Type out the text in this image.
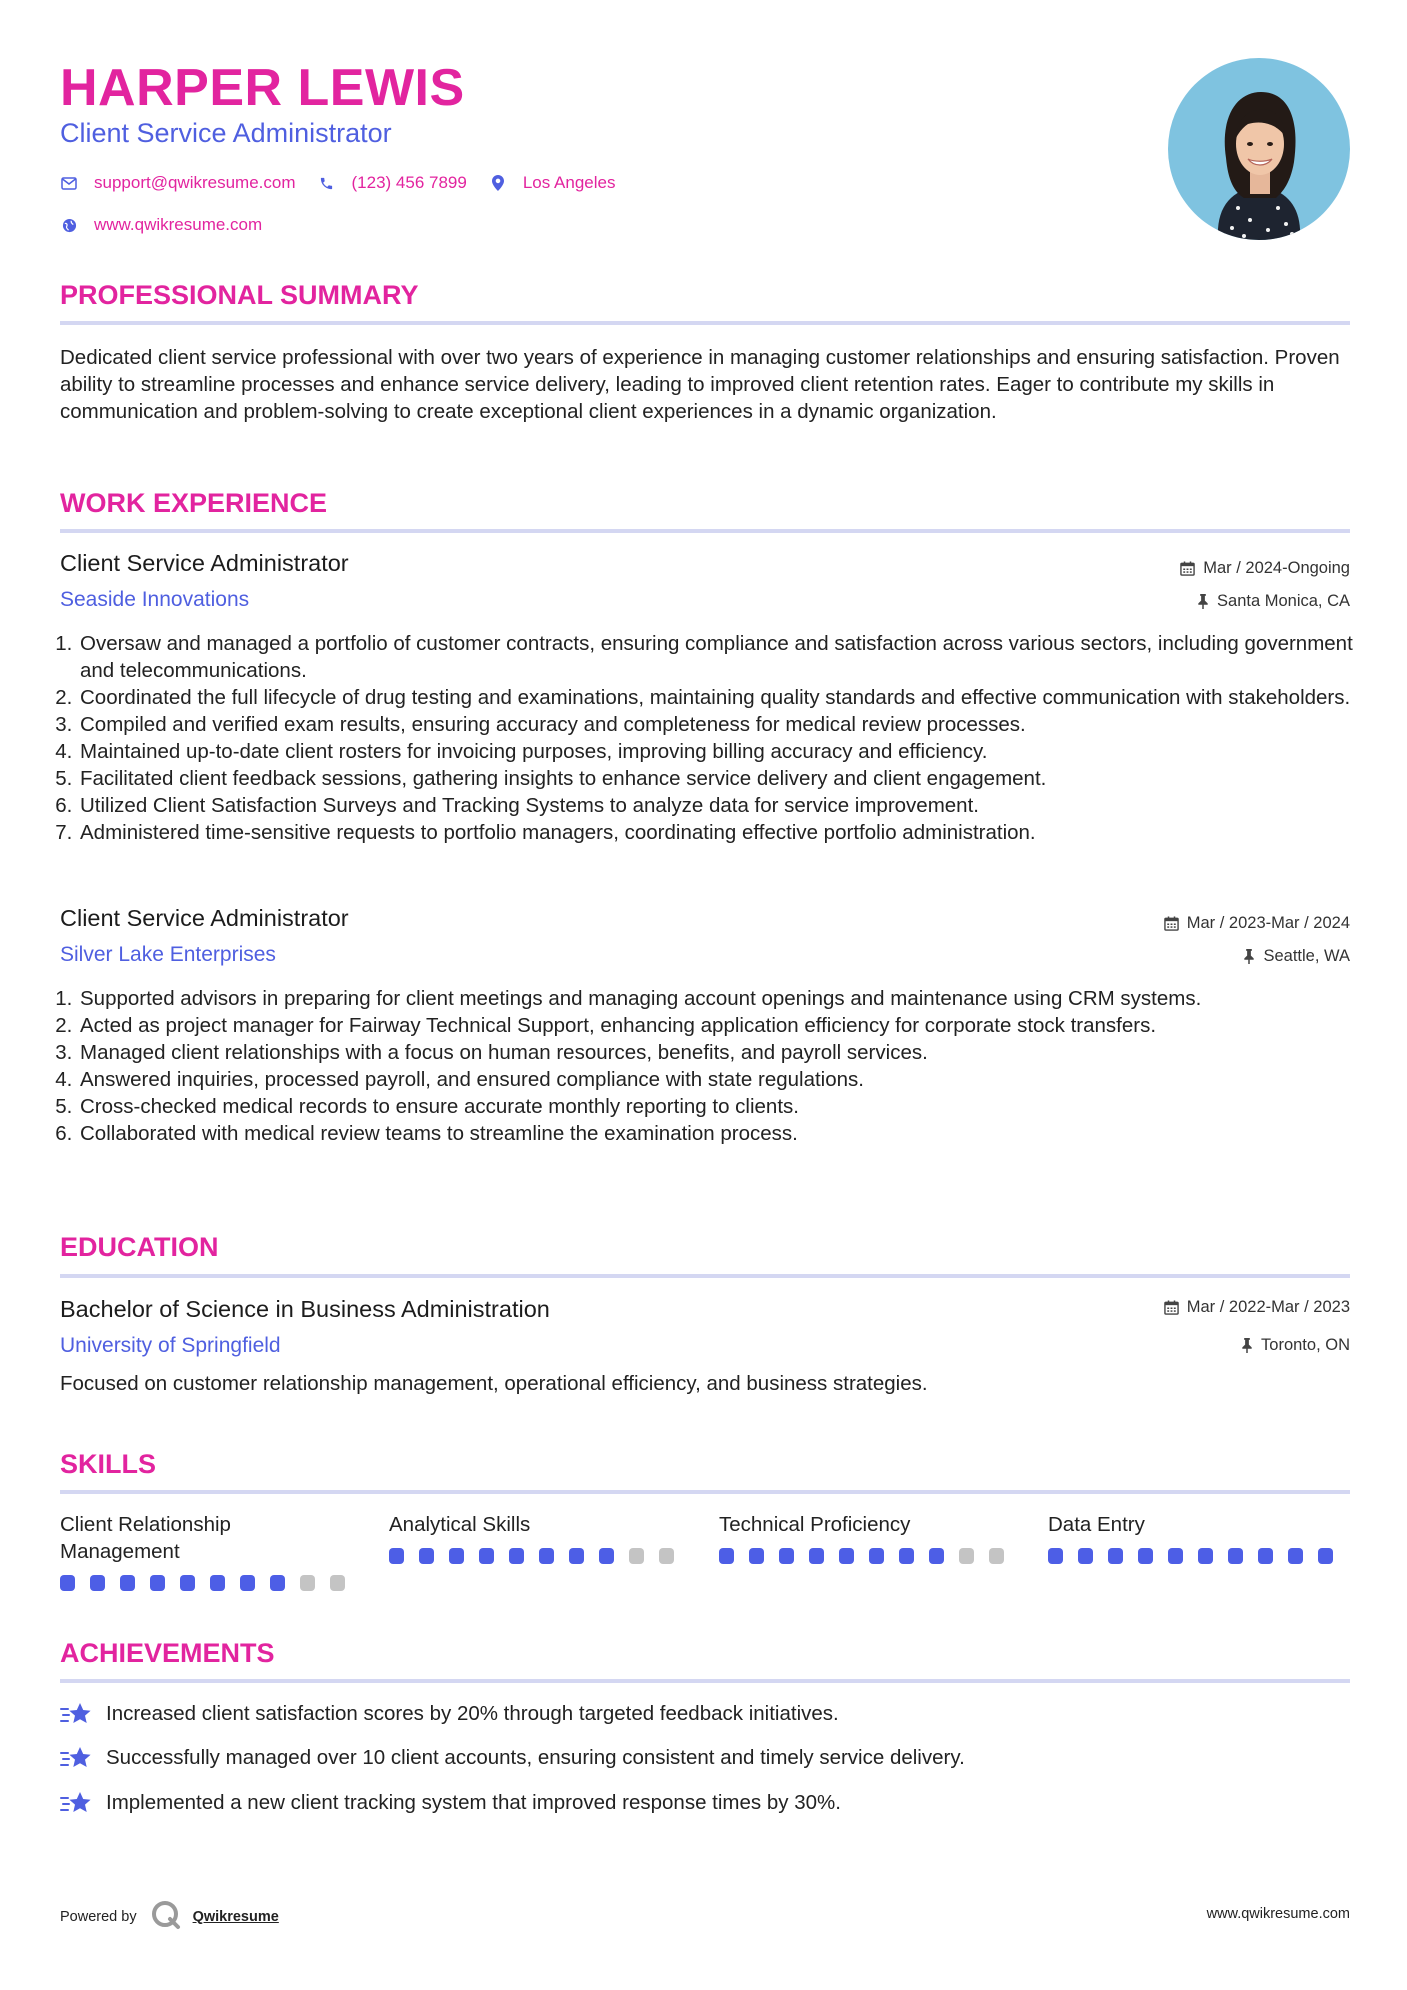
HARPER LEWIS
Client Service Administrator
support@qwikresume.com	(123) 456 7899	Los Angeles
www.qwikresume.com
PROFESSIONAL SUMMARY
Dedicated client service professional with over two years of experience in managing customer relationships and ensuring satisfaction. Proven ability to streamline processes and enhance service delivery, leading to improved client retention rates. Eager to contribute my skills in communication and problem-solving to create exceptional client experiences in a dynamic organization.
WORK EXPERIENCE
Client Service Administrator
Seaside Innovations
Mar / 2024-Ongoing
Santa Monica, CA
1. Oversaw and managed a portfolio of customer contracts, ensuring compliance and satisfaction across various sectors, including government and telecommunications.
2. Coordinated the full lifecycle of drug testing and examinations, maintaining quality standards and effective communication with stakeholders.
3. Compiled and verified exam results, ensuring accuracy and completeness for medical review processes.
4. Maintained up-to-date client rosters for invoicing purposes, improving billing accuracy and efficiency.
5. Facilitated client feedback sessions, gathering insights to enhance service delivery and client engagement.
6. Utilized Client Satisfaction Surveys and Tracking Systems to analyze data for service improvement.
7. Administered time-sensitive requests to portfolio managers, coordinating effective portfolio administration.
Client Service Administrator
Silver Lake Enterprises
Mar / 2023-Mar / 2024
Seattle, WA
1. Supported advisors in preparing for client meetings and managing account openings and maintenance using CRM systems.
2. Acted as project manager for Fairway Technical Support, enhancing application efficiency for corporate stock transfers.
3. Managed client relationships with a focus on human resources, benefits, and payroll services.
4. Answered inquiries, processed payroll, and ensured compliance with state regulations.
5. Cross-checked medical records to ensure accurate monthly reporting to clients.
6. Collaborated with medical review teams to streamline the examination process.
EDUCATION
Bachelor of Science in Business Administration
University of Springfield
Mar / 2022-Mar / 2023
Toronto, ON
Focused on customer relationship management, operational efficiency, and business strategies.
SKILLS
Client Relationship Management
Analytical Skills	Technical Proficiency	Data Entry
ACHIEVEMENTS
Increased client satisfaction scores by 20% through targeted feedback initiatives.
Successfully managed over 10 client accounts, ensuring consistent and timely service delivery.
Implemented a new client tracking system that improved response times by 30%.
Powered by	Qwikresume	www.qwikresume.com
